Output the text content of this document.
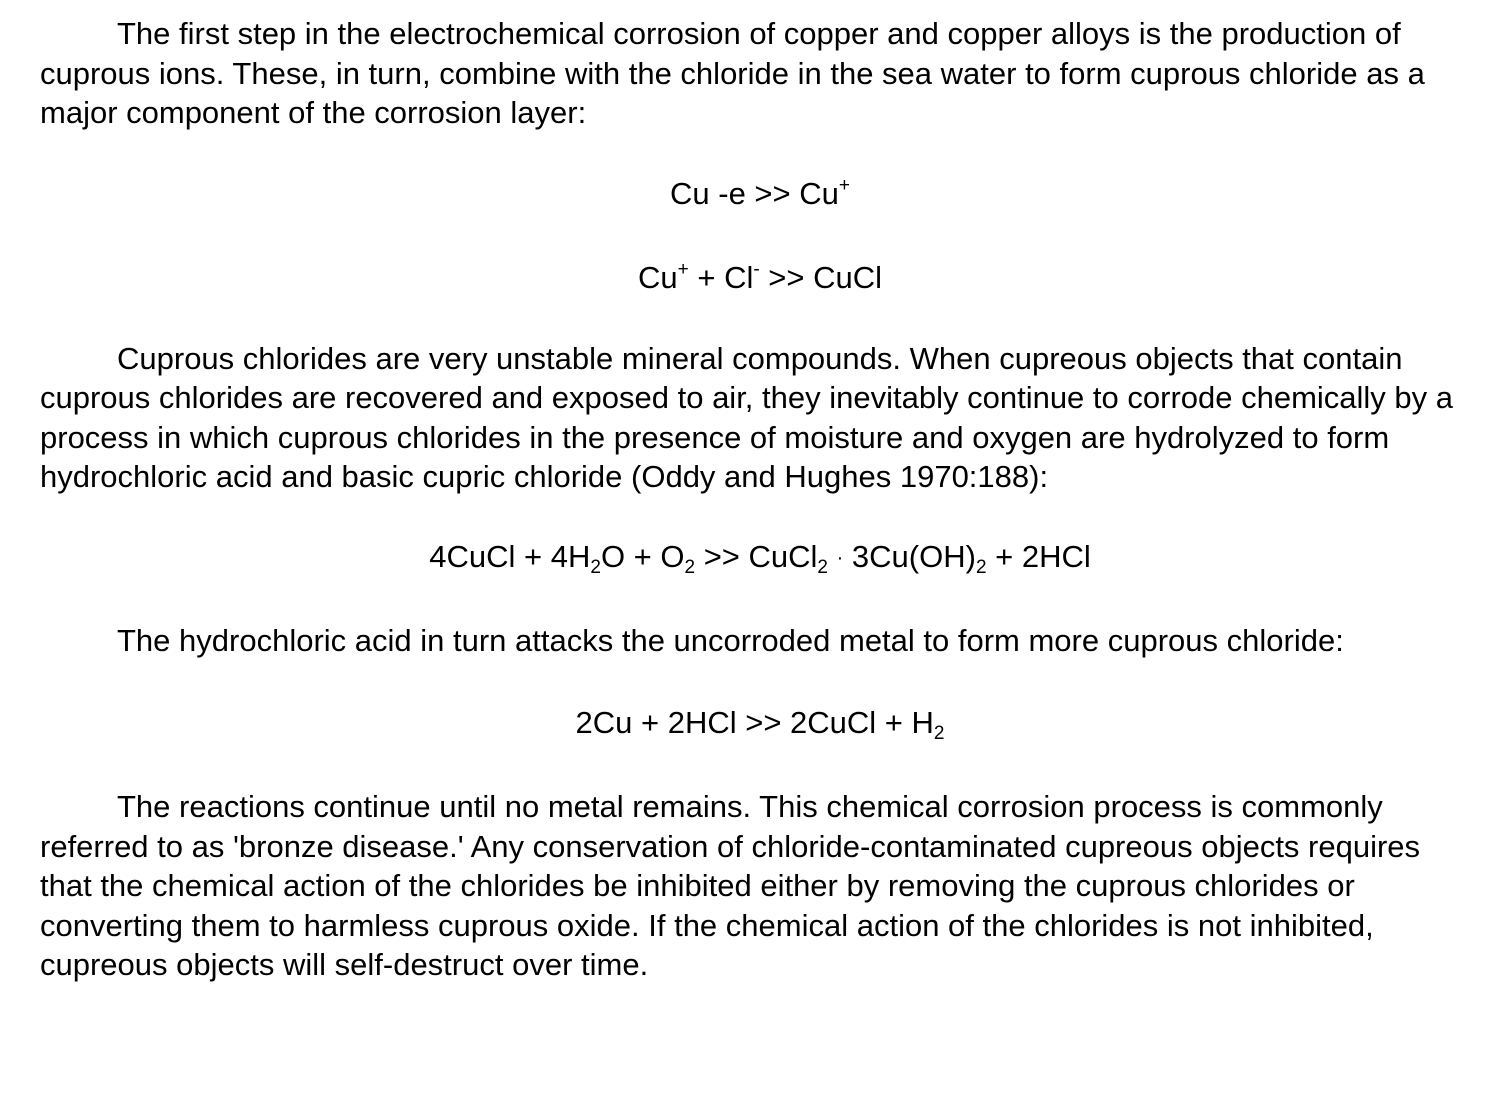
The first step in the electrochemical corrosion of copper and copper alloys is the production of cuprous ions. These, in turn, combine with the chloride in the sea water to form cuprous chloride as a major component of the corrosion layer:

Cu -e >> Cu+

Cu+ + Cl- >> CuCl

Cuprous chlorides are very unstable mineral compounds. When cupreous objects that contain cuprous chlorides are recovered and exposed to air, they inevitably continue to corrode chemically by a process in which cuprous chlorides in the presence of moisture and oxygen are hydrolyzed to form hydrochloric acid and basic cupric chloride (Oddy and Hughes 1970:188):

4CuCl + $4H_2O + O_2$ >> CuCl$_2$ · $3Cu(OH)_2 + 2HCl$

The hydrochloric acid in turn attacks the uncorroded metal to form more cuprous chloride:

2Cu + 2HCl >> 2CuCl + $H_2$

The reactions continue until no metal remains. This chemical corrosion process is commonly referred to as 'bronze disease.' Any conservation of chloride-contaminated cupreous objects requires that the chemical action of the chlorides be inhibited either by removing the cuprous chlorides or converting them to harmless cuprous oxide. If the chemical action of the chlorides is not inhibited, cupreous objects will self-destruct over time.
